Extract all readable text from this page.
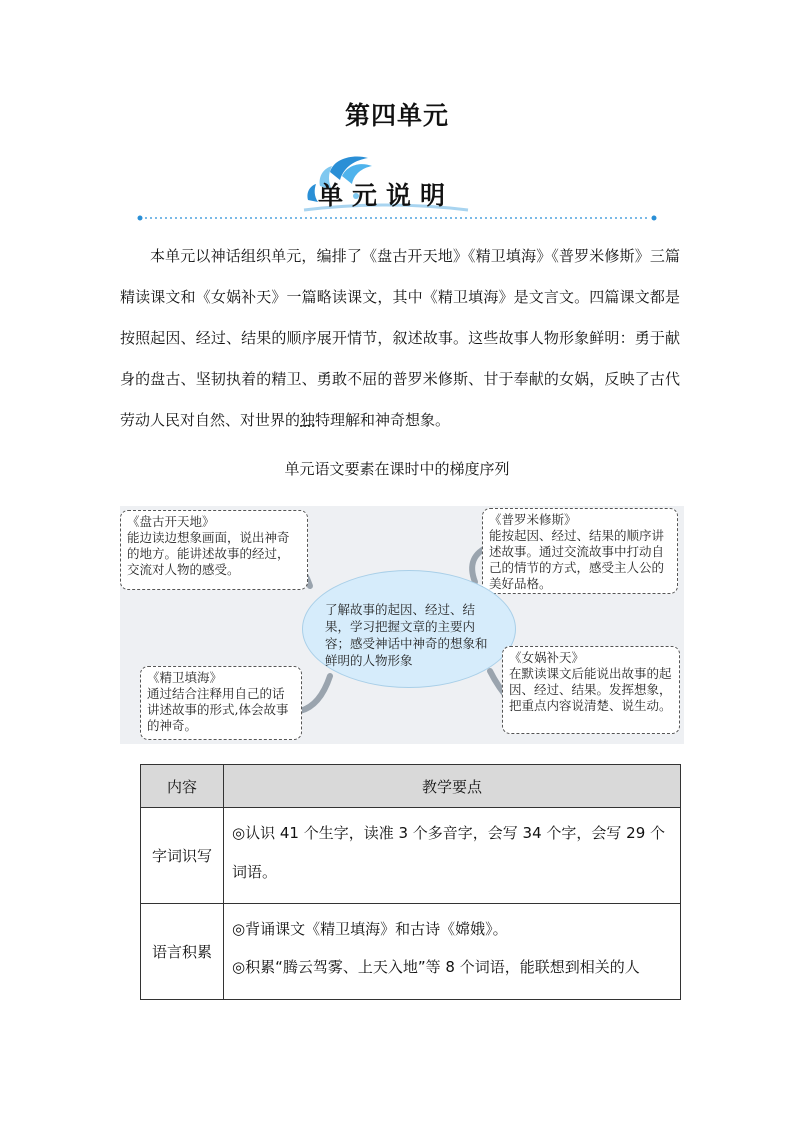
第四单元
单元说明

本单元以神话组织单元，编排了《盘古开天地》《精卫填海》《普罗米修斯》三篇精读课文和《女娲补天》一篇略读课文，其中《精卫填海》是文言文。四篇课文都是按照起因、经过、结果的顺序展开情节，叙述故事。这些故事人物形象鲜明：勇于献身的盘古、坚韧执着的精卫、勇敢不屈的普罗米修斯、甘于奉献的女娲，反映了古代劳动人民对自然、对世界的独特理解和神奇想象。

单元语文要素在课时中的梯度序列
《盘古开天地》
能边读边想象画面，说出神奇的地方。能讲述故事的经过，交流对人物的感受。
《普罗米修斯》
能按起因、经过、结果的顺序讲述故事。通过交流故事中打动自己的情节的方式，感受主人公的美好品格。
了解故事的起因、经过、结果，学习把握文章的主要内容；感受神话中神奇的想象和鲜明的人物形象
《精卫填海》
通过结合注释用自己的话讲述故事的形式,体会故事的神奇。
《女娲补天》
在默读课文后能说出故事的起因、经过、结果。发挥想象，把重点内容说清楚、说生动。
内容	教学要点
字词识写	◎认识 41 个生字，读准 3 个多音字，会写 34 个字，会写 29 个词语。

语言积累	◎背诵课文《精卫填海》和古诗《嫦娥》。

◎积累“腾云驾雾、上天入地”等 8 个词语，能联想到相关的人
